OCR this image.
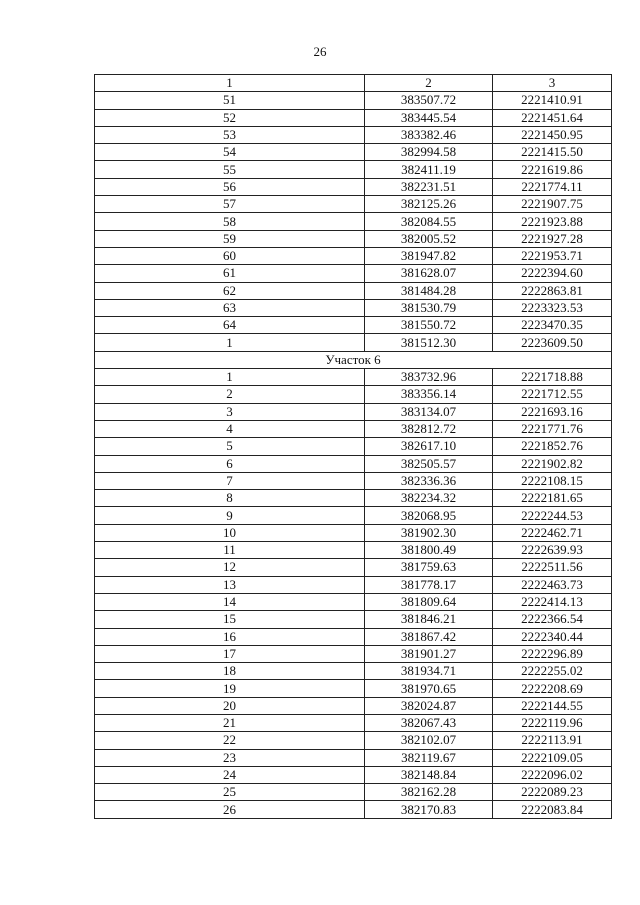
26
1	2	3
51	383507.72	2221410.91
52	383445.54	2221451.64
53	383382.46	2221450.95
54	382994.58	2221415.50
55	382411.19	2221619.86
56	382231.51	2221774.11
57	382125.26	2221907.75
58	382084.55	2221923.88
59	382005.52	2221927.28
60	381947.82	2221953.71
61	381628.07	2222394.60
62	381484.28	2222863.81
63	381530.79	2223323.53
64	381550.72	2223470.35
1	381512.30	2223609.50
Участок 6		
1	383732.96	2221718.88
2	383356.14	2221712.55
3	383134.07	2221693.16
4	382812.72	2221771.76
5	382617.10	2221852.76
6	382505.57	2221902.82
7	382336.36	2222108.15
8	382234.32	2222181.65
9	382068.95	2222244.53
10	381902.30	2222462.71
11	381800.49	2222639.93
12	381759.63	2222511.56
13	381778.17	2222463.73
14	381809.64	2222414.13
15	381846.21	2222366.54
16	381867.42	2222340.44
17	381901.27	2222296.89
18	381934.71	2222255.02
19	381970.65	2222208.69
20	382024.87	2222144.55
21	382067.43	2222119.96
22	382102.07	2222113.91
23	382119.67	2222109.05
24	382148.84	2222096.02
25	382162.28	2222089.23
26	382170.83	2222083.84
